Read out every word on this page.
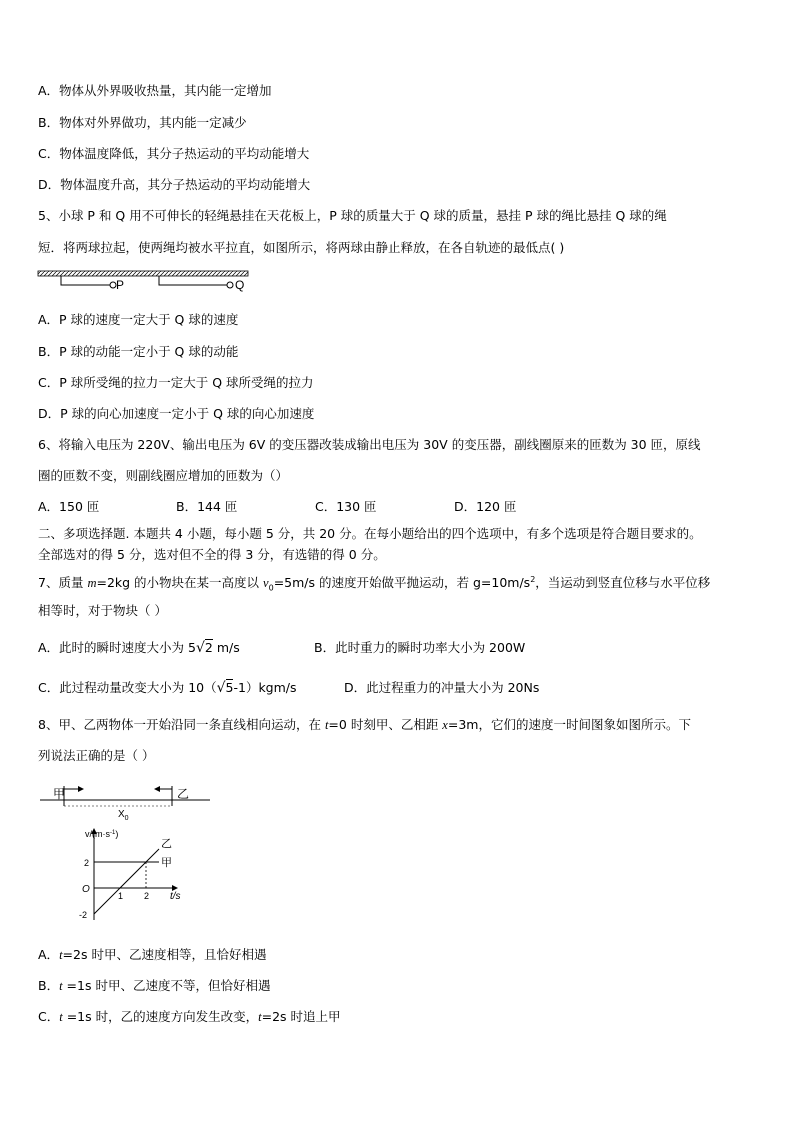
A．物体从外界吸收热量，其内能一定增加
B．物体对外界做功，其内能一定减少
C．物体温度降低，其分子热运动的平均动能增大
D．物体温度升高，其分子热运动的平均动能增大
5、小球 P 和 Q 用不可伸长的轻绳悬挂在天花板上，P 球的质量大于 Q 球的质量，悬挂 P 球的绳比悬挂 Q 球的绳
短．将两球拉起，使两绳均被水平拉直，如图所示，将两球由静止释放，在各自轨迹的最低点( )
P	Q
A．P 球的速度一定大于 Q 球的速度
B．P 球的动能一定小于 Q 球的动能
C．P 球所受绳的拉力一定大于 Q 球所受绳的拉力
D．P 球的向心加速度一定小于 Q 球的向心加速度
6、将输入电压为 220V、输出电压为 6V 的变压器改装成输出电压为 30V 的变压器，副线圈原来的匝数为 30 匝，原线
圈的匝数不变，则副线圈应增加的匝数为（）
A．150 匝	B．144 匝	C．130 匝	D．120 匝
二、多项选择题. 本题共 4 小题，每小题 5 分，共 20 分。在每小题给出的四个选项中，有多个选项是符合题目要求的。
全部选对的得 5 分，选对但不全的得 3 分，有选错的得 0 分。
7、质量 m=2kg 的小物块在某一高度以 $v_0=5m/s$ 的速度开始做平抛运动，若 $g=10m/s^2$，当运动到竖直位移与水平位移
相等时，对于物块（ ）
A．此时的瞬时速度大小为 5√2 m/s	B．此时重力的瞬时功率大小为 200W
C．此过程动量改变大小为 10（√5-1）kgm/s	D．此过程重力的冲量大小为 20Ns
8、甲、乙两物体一开始沿同一条直线相向运动，在 t=0 时刻甲、乙相距 x=3m，它们的速度一时间图象如图所示。下
列说法正确的是（ ）
甲	乙
$X_0$
$v/(m\cdot s^{-1})$
t/s
O
甲
乙
2
-2
1 2
A．t=2s 时甲、乙速度相等，且恰好相遇
B．t =1s 时甲、乙速度不等，但恰好相遇
C．t =1s 时，乙的速度方向发生改变，t=2s 时追上甲
